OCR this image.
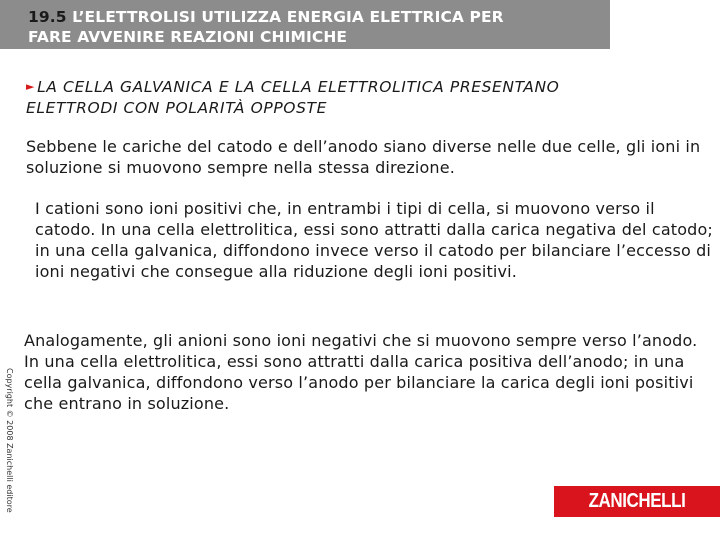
19.5 L’ELETTROLISI UTILIZZA ENERGIA ELETTRICA PER
FARE AVVENIRE REAZIONI CHIMICHE
► LA CELLA GALVANICA E LA CELLA ELETTROLITICA PRESENTANO
ELETTRODI CON POLARITÀ OPPOSTE
Sebbene le cariche del catodo e dell’anodo siano diverse nelle due celle, gli ioni in soluzione si muovono sempre nella stessa direzione.
I cationi sono ioni positivi che, in entrambi i tipi di cella, si muovono verso il catodo. In una cella elettrolitica, essi sono attratti dalla carica negativa del catodo; in una cella galvanica, diffondono invece verso il catodo per bilanciare l’eccesso di ioni negativi che consegue alla riduzione degli ioni positivi.
Analogamente, gli anioni sono ioni negativi che si muovono sempre verso l’anodo. In una cella elettrolitica, essi sono attratti dalla carica positiva dell’anodo; in una cella galvanica, diffondono verso l’anodo per bilanciare la carica degli ioni positivi che entrano in soluzione.
Copyright © 2008 Zanichelli editore	ZANICHELLI
